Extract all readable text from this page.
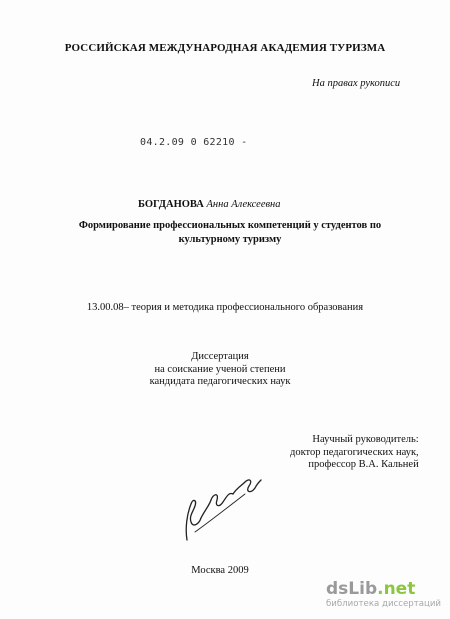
РОССИЙСКАЯ МЕЖДУНАРОДНАЯ АКАДЕМИЯ ТУРИЗМА
На правах рукописи
04.2.09 0 62210 -
БОГДАНОВА Анна Алексеевна
Формирование профессиональных компетенций у студентов по культурному туризму
13.00.08– теория и методика профессионального образования
Диссертация
на соискание ученой степени
кандидата педагогических наук
Научный руководитель:
доктор педагогических наук,
профессор В.А. Кальней
Москва 2009
dsLib.net
библиотека диссертаций
